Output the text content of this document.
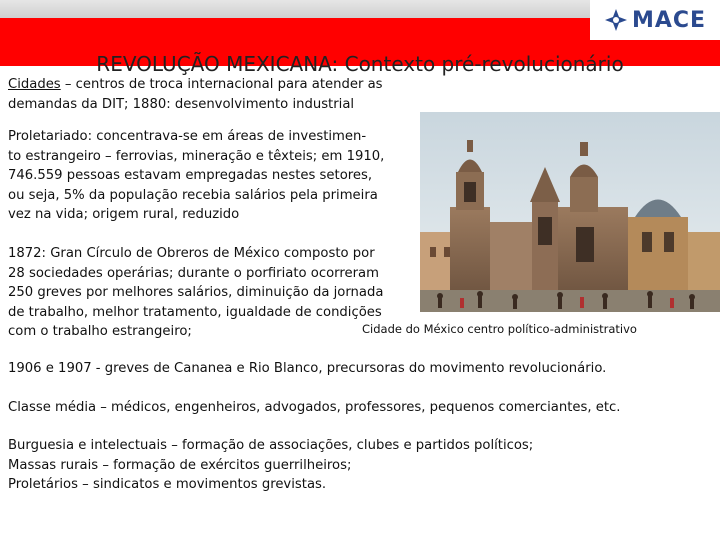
MACE
REVOLUÇÃO MEXICANA: Contexto pré-revolucionário

Cidades – centros de troca internacional para atender as
demandas da DIT; 1880: desenvolvimento industrial

Proletariado: concentrava-se em áreas de investimen-
to estrangeiro – ferrovias, mineração e têxteis; em 1910,
746.559 pessoas estavam empregadas nestes setores,
ou seja, 5% da população recebia salários pela primeira
vez na vida; origem rural, reduzido

1872: Gran Círculo de Obreros de México composto por
28 sociedades operárias; durante o porfiriato ocorreram
250 greves por melhores salários, diminuição da jornada
de trabalho, melhor tratamento, igualdade de condições
com o trabalho estrangeiro;	Cidade do México centro político-administrativo

1906 e 1907 - greves de Cananea e Rio Blanco, precursoras do movimento revolucionário.

Classe média – médicos, engenheiros, advogados, professores, pequenos comerciantes, etc.

Burguesia e intelectuais – formação de associações, clubes e partidos políticos;
Massas rurais – formação de exércitos guerrilheiros;
Proletários – sindicatos e movimentos grevistas.
